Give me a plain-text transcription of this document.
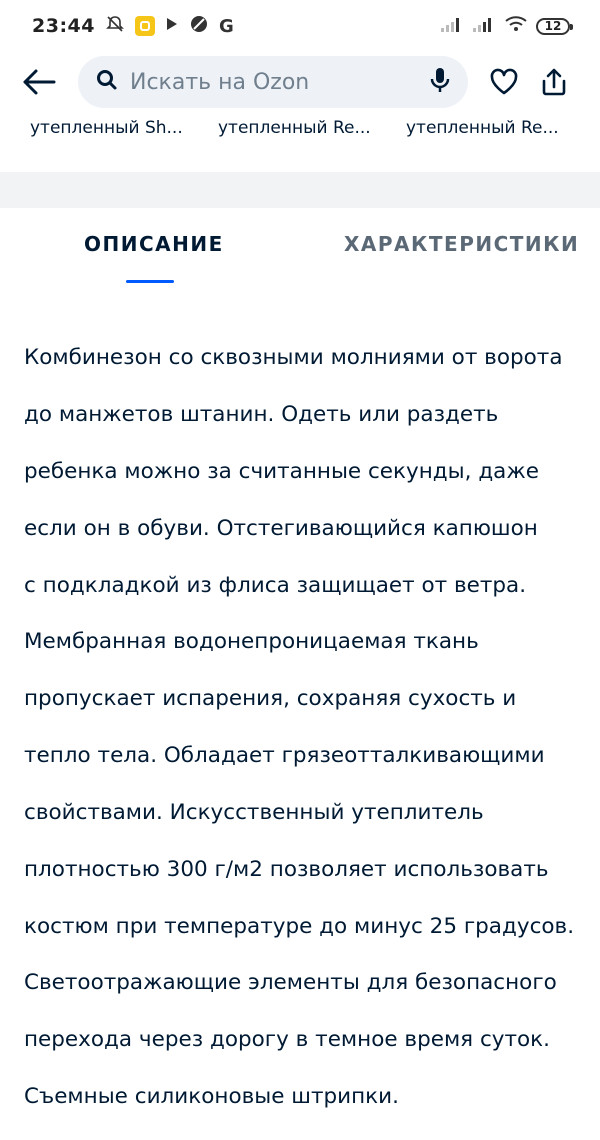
23:44	G	12
Искать на Ozon
утепленный Sh...	утепленный Re...	утепленный Re...
ОПИСАНИЕ	ХАРАКТЕРИСТИКИ

Комбинезон со сквозными молниями от ворота

до манжетов штанин. Одеть или раздеть

ребенка можно за считанные секунды, даже

если он в обуви. Отстегивающийся капюшон

с подкладкой из флиса защищает от ветра.

Мембранная водонепроницаемая ткань

пропускает испарения, сохраняя сухость и

тепло тела. Обладает грязеотталкивающими

свойствами. Искусственный утеплитель

плотностью 300 г/м2 позволяет использовать

костюм при температуре до минус 25 градусов.

Светоотражающие элементы для безопасного

перехода через дорогу в темное время суток.

Съемные силиконовые штрипки.
